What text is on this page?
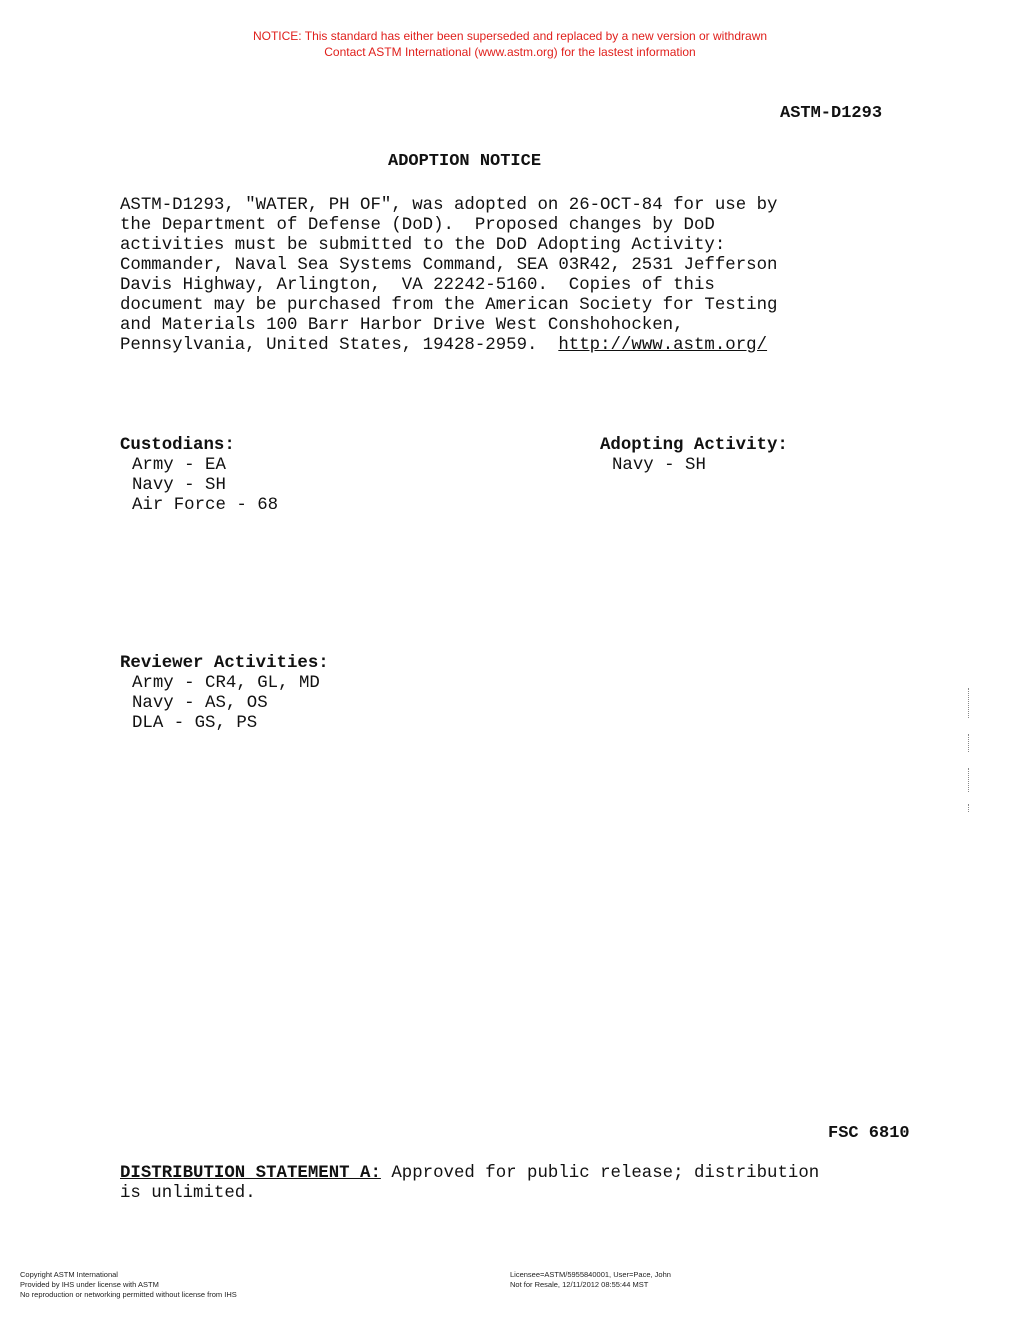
NOTICE: This standard has either been superseded and replaced by a new version or withdrawn
Contact ASTM International (www.astm.org) for the lastest information
ASTM-D1293
ADOPTION NOTICE
ASTM-D1293, "WATER, PH OF", was adopted on 26-OCT-84 for use by
the Department of Defense (DoD).  Proposed changes by DoD
activities must be submitted to the DoD Adopting Activity:
Commander, Naval Sea Systems Command, SEA 03R42, 2531 Jefferson
Davis Highway, Arlington,  VA 22242-5160.  Copies of this
document may be purchased from the American Society for Testing
and Materials 100 Barr Harbor Drive West Conshohocken,
Pennsylvania, United States, 19428-2959.  http://www.astm.org/
Custodians:
Army - EA
Navy - SH
Air Force - 68
Adopting Activity:
Navy - SH
Reviewer Activities:
Army - CR4, GL, MD
Navy - AS, OS
DLA - GS, PS
FSC 6810
DISTRIBUTION STATEMENT A: Approved for public release; distribution
is unlimited.
Copyright ASTM International
Provided by IHS under license with ASTM
No reproduction or networking permitted without license from IHS
Licensee=ASTM/5955840001, User=Pace, John
Not for Resale, 12/11/2012 08:55:44 MST
